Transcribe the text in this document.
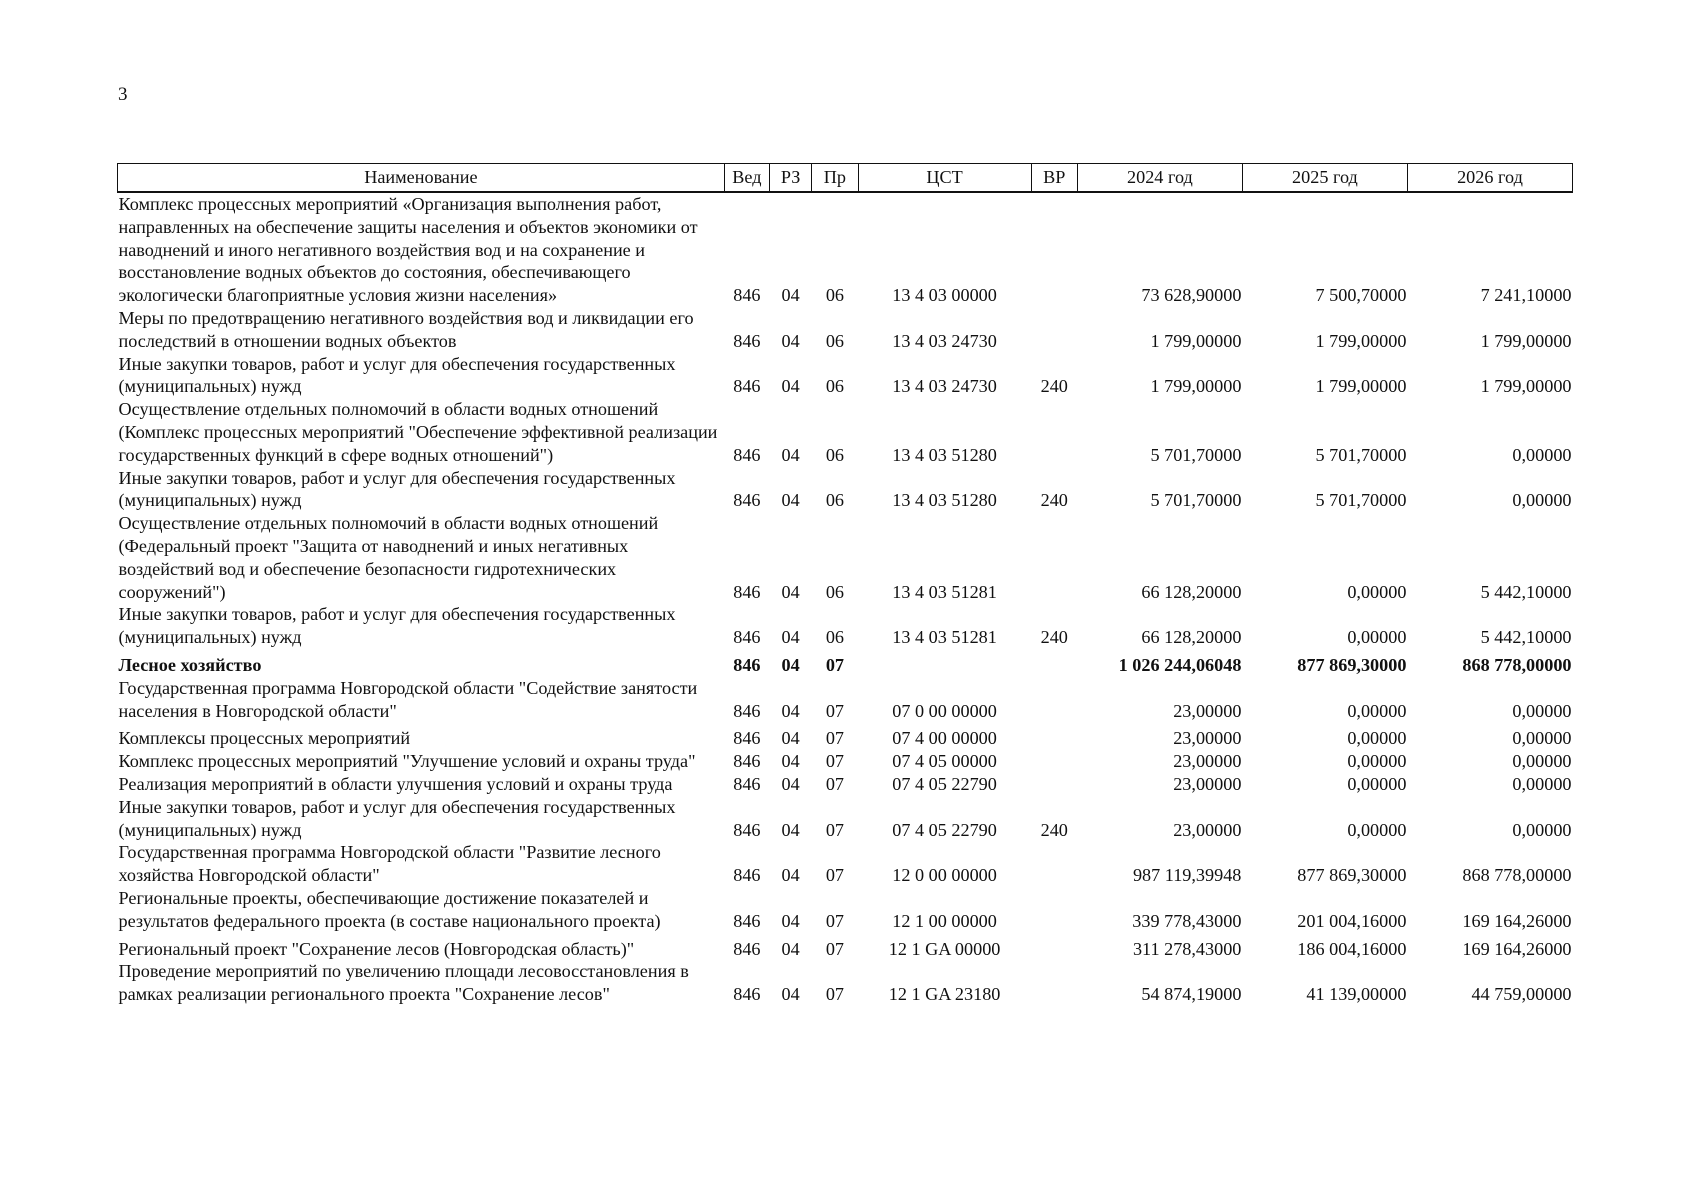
3
Наименование	Вед	РЗ	Пр	ЦСТ	ВР	2024 год	2025 год	2026 год
Комплекс процессных мероприятий «Организация выполнения работ, направленных на обеспечение защиты населения и объектов экономики от наводнений и иного негативного воздействия вод и на сохранение и восстановление водных объектов до состояния, обеспечивающего экологически благоприятные условия жизни населения»	846	04	06	13 4 03 00000		73 628,90000	7 500,70000	7 241,10000
Меры по предотвращению негативного воздействия вод и ликвидации его последствий в отношении водных объектов	846	04	06	13 4 03 24730		1 799,00000	1 799,00000	1 799,00000
Иные закупки товаров, работ и услуг для обеспечения государственных (муниципальных) нужд	846	04	06	13 4 03 24730	240	1 799,00000	1 799,00000	1 799,00000
Осуществление отдельных полномочий в области водных отношений (Комплекс процессных мероприятий "Обеспечение эффективной реализации государственных функций в сфере водных отношений")	846	04	06	13 4 03 51280		5 701,70000	5 701,70000	0,00000
Иные закупки товаров, работ и услуг для обеспечения государственных (муниципальных) нужд	846	04	06	13 4 03 51280	240	5 701,70000	5 701,70000	0,00000
Осуществление отдельных полномочий в области водных отношений (Федеральный проект "Защита от наводнений и иных негативных воздействий вод и обеспечение безопасности гидротехнических сооружений")	846	04	06	13 4 03 51281		66 128,20000	0,00000	5 442,10000
Иные закупки товаров, работ и услуг для обеспечения государственных (муниципальных) нужд	846	04	06	13 4 03 51281	240	66 128,20000	0,00000	5 442,10000
Лесное хозяйство	846	04	07			1 026 244,06048	877 869,30000	868 778,00000
Государственная программа Новгородской области "Содействие занятости населения в Новгородской области"	846	04	07	07 0 00 00000		23,00000	0,00000	0,00000
Комплексы процессных мероприятий	846	04	07	07 4 00 00000		23,00000	0,00000	0,00000
Комплекс процессных мероприятий "Улучшение условий и охраны труда"	846	04	07	07 4 05 00000		23,00000	0,00000	0,00000
Реализация мероприятий в области улучшения условий и охраны труда	846	04	07	07 4 05 22790		23,00000	0,00000	0,00000
Иные закупки товаров, работ и услуг для обеспечения государственных (муниципальных) нужд	846	04	07	07 4 05 22790	240	23,00000	0,00000	0,00000
Государственная программа Новгородской области "Развитие лесного хозяйства Новгородской области"	846	04	07	12 0 00 00000		987 119,39948	877 869,30000	868 778,00000
Региональные проекты, обеспечивающие достижение показателей и результатов федерального проекта (в составе национального проекта)	846	04	07	12 1 00 00000		339 778,43000	201 004,16000	169 164,26000
Региональный проект "Сохранение лесов (Новгородская область)"	846	04	07	12 1 GA 00000		311 278,43000	186 004,16000	169 164,26000
Проведение мероприятий по увеличению площади лесовосстановления в рамках реализации регионального проекта "Сохранение лесов"	846	04	07	12 1 GA 23180		54 874,19000	41 139,00000	44 759,00000
